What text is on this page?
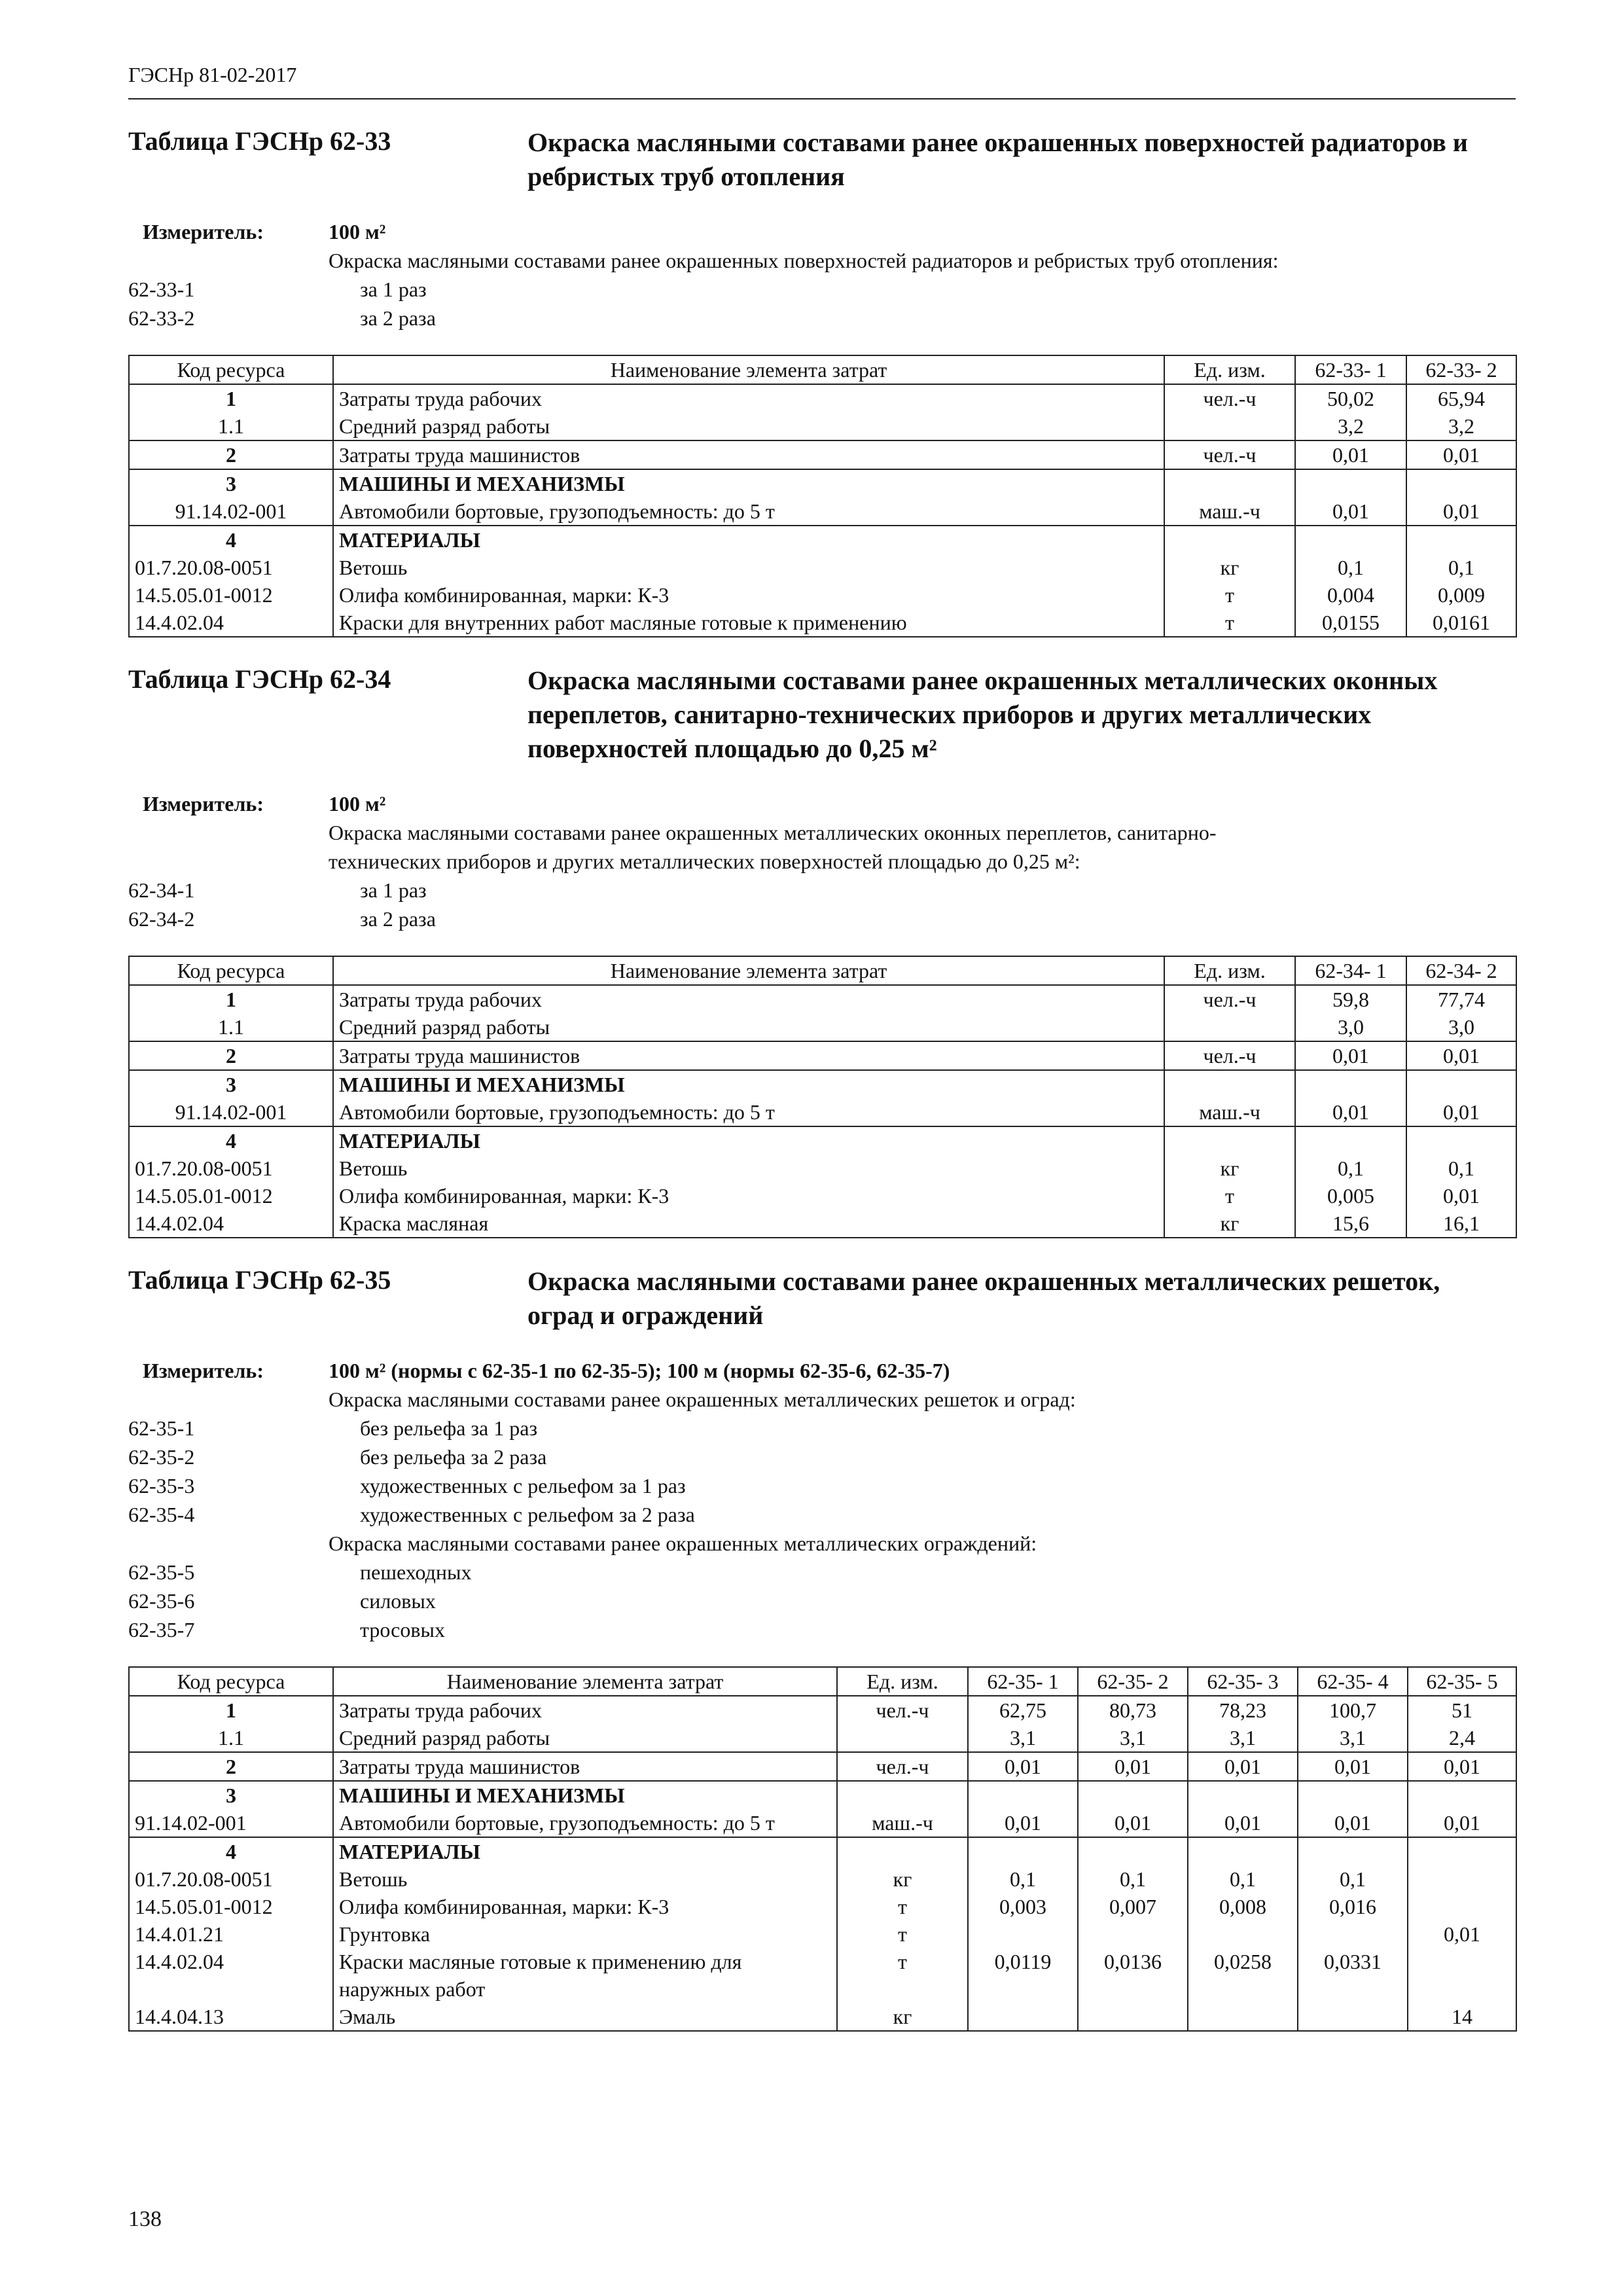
ГЭСНр 81-02-2017
Таблица ГЭСНр 62-33	Окраска масляными составами ранее окрашенных поверхностей радиаторов и ребристых труб отопления
Измеритель:	100 м²
Окраска масляными составами ранее окрашенных поверхностей радиаторов и ребристых труб отопления:
62-33-1	за 1 раз
62-33-2	за 2 раза
Код ресурса	Наименование элемента затрат	Ед. изм.	62-33- 1	62-33- 2
1	Затраты труда рабочих	чел.-ч	50,02	65,94
1.1	Средний разряд работы		3,2	3,2
2	Затраты труда машинистов	чел.-ч	0,01	0,01
3	МАШИНЫ И МЕХАНИЗМЫ			
91.14.02-001	Автомобили бортовые, грузоподъемность: до 5 т	маш.-ч	0,01	0,01
4	МАТЕРИАЛЫ			
01.7.20.08-0051	Ветошь	кг	0,1	0,1
14.5.05.01-0012	Олифа комбинированная, марки: К-3	т	0,004	0,009
14.4.02.04	Краски для внутренних работ масляные готовые к применению	т	0,0155	0,0161
Таблица ГЭСНр 62-34	Окраска масляными составами ранее окрашенных металлических оконных переплетов, санитарно-технических приборов и других металлических поверхностей площадью до 0,25 м²
Измеритель:	100 м²
Окраска масляными составами ранее окрашенных металлических оконных переплетов, санитарно-
технических приборов и других металлических поверхностей площадью до 0,25 м²:
62-34-1	за 1 раз
62-34-2	за 2 раза
Код ресурса	Наименование элемента затрат	Ед. изм.	62-34- 1	62-34- 2
1	Затраты труда рабочих	чел.-ч	59,8	77,74
1.1	Средний разряд работы		3,0	3,0
2	Затраты труда машинистов	чел.-ч	0,01	0,01
3	МАШИНЫ И МЕХАНИЗМЫ			
91.14.02-001	Автомобили бортовые, грузоподъемность: до 5 т	маш.-ч	0,01	0,01
4	МАТЕРИАЛЫ			
01.7.20.08-0051	Ветошь	кг	0,1	0,1
14.5.05.01-0012	Олифа комбинированная, марки: К-3	т	0,005	0,01
14.4.02.04	Краска масляная	кг	15,6	16,1
Таблица ГЭСНр 62-35	Окраска масляными составами ранее окрашенных металлических решеток, оград и ограждений
Измеритель:	100 м² (нормы с 62-35-1 по 62-35-5); 100 м (нормы 62-35-6, 62-35-7)
Окраска масляными составами ранее окрашенных металлических решеток и оград:
62-35-1	без рельефа за 1 раз
62-35-2	без рельефа за 2 раза
62-35-3	художественных с рельефом за 1 раз
62-35-4	художественных с рельефом за 2 раза
Окраска масляными составами ранее окрашенных металлических ограждений:
62-35-5	пешеходных
62-35-6	силовых
62-35-7	тросовых
Код ресурса	Наименование элемента затрат	Ед. изм.	62-35- 1	62-35- 2	62-35- 3	62-35- 4	62-35- 5
1	Затраты труда рабочих	чел.-ч	62,75	80,73	78,23	100,7	51
1.1	Средний разряд работы		3,1	3,1	3,1	3,1	2,4
2	Затраты труда машинистов	чел.-ч	0,01	0,01	0,01	0,01	0,01
3	МАШИНЫ И МЕХАНИЗМЫ						
91.14.02-001	Автомобили бортовые, грузоподъемность: до 5 т	маш.-ч	0,01	0,01	0,01	0,01	0,01
4	МАТЕРИАЛЫ						
01.7.20.08-0051	Ветошь	кг	0,1	0,1	0,1	0,1	
14.5.05.01-0012	Олифа комбинированная, марки: К-3	т	0,003	0,007	0,008	0,016	
14.4.01.21	Грунтовка	т					0,01
14.4.02.04	Краски масляные готовые к применению для наружных работ	т	0,0119	0,0136	0,0258	0,0331	
14.4.04.13	Эмаль	кг					14
138
